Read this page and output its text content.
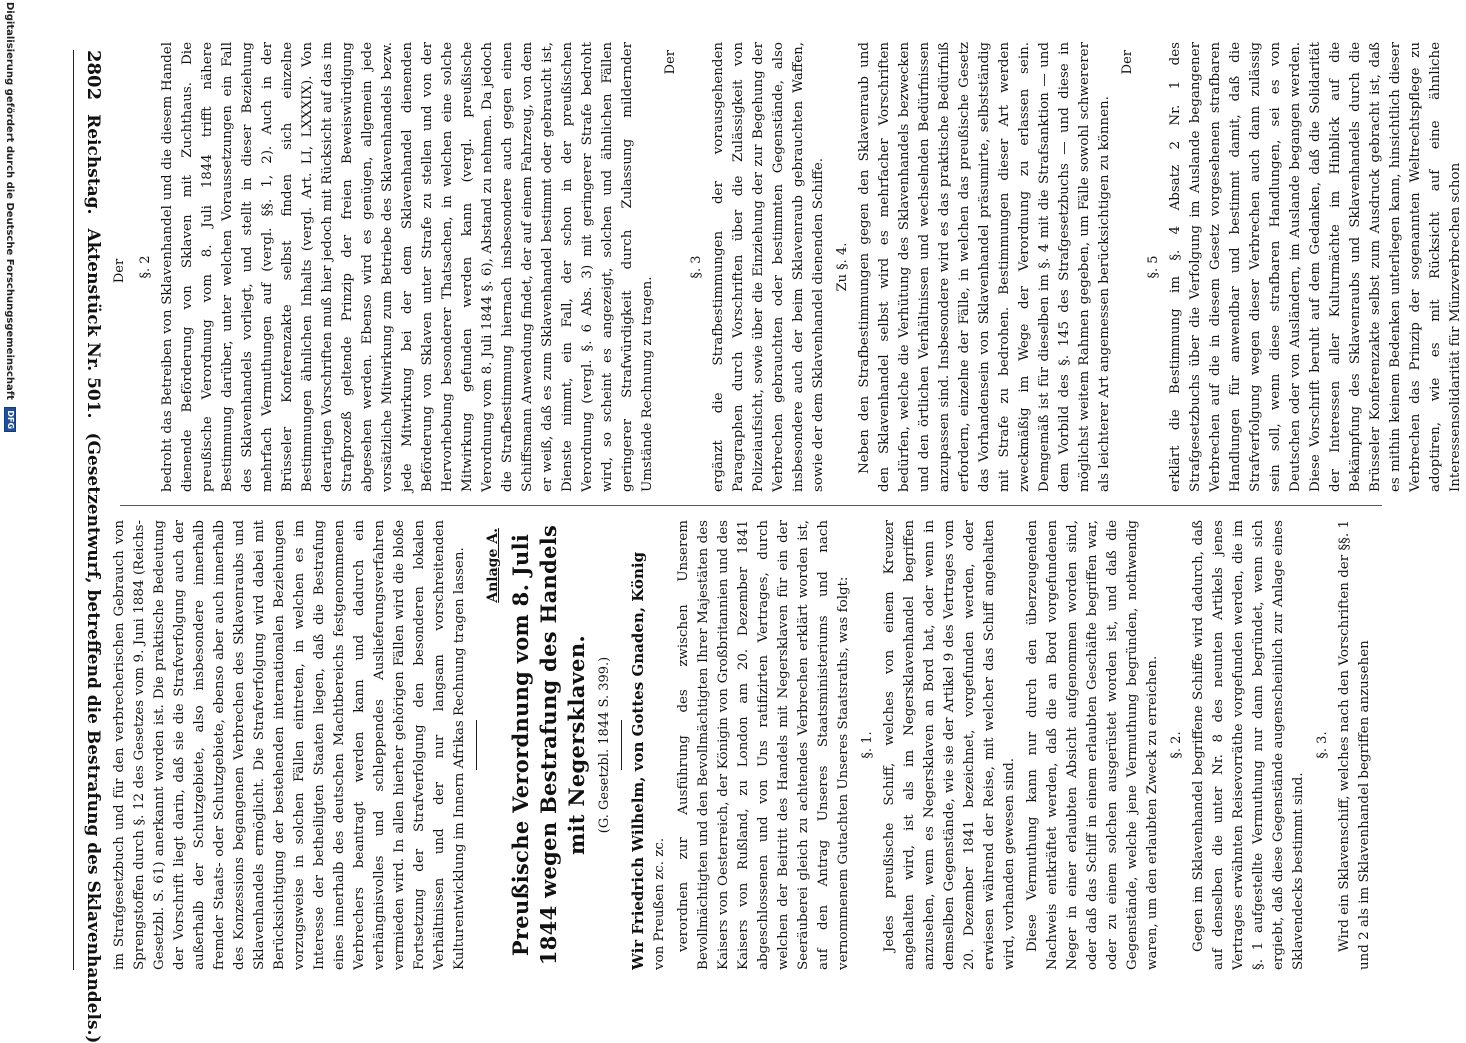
2802
Reichstag.
Aktenstück Nr. 501.
(Gesetzentwurf, betreffend die Bestrafung des Sklavenhandels.) im Strafgesetzbuch und für den verbrecherischen Gebrauch von Sprengstoffen durch §. 12 des Gesetzes vom 9. Juni 1884 (Reichs-Gesetzbl. S. 61) anerkannt worden ist. Die praktische Bedeutung der Vorschrift liegt darin, daß sie die Strafverfolgung auch der außerhalb der Schutzgebiete, also insbesondere innerhalb fremder Staats- oder Schutzgebiete, ebenso aber auch innerhalb des Konzessions begangenen Verbrechen des Sklavenraubs und Sklavenhandels ermöglicht. Die Strafverfolgung wird dabei mit Berücksichtigung der bestehenden internationalen Beziehungen vorzugsweise in solchen Fällen eintreten, in welchen es im Interesse der betheiligten Staaten liegen, daß die Bestrafung eines innerhalb des deutschen Machtbereichs festgenommenen Verbrechers beantragt werden kann und dadurch ein verhängnisvolles und schleppendes Auslieferungsverfahren vermieden wird. In allen hierher gehörigen Fällen wird die bloße Fortsetzung der Strafverfolgung den besonderen lokalen Verhältnissen und der nur langsam vorschreitenden Kulturentwicklung im Innern Afrikas Rechnung tragen lassen. Anlage A. Preußische Verordnung vom 8. Juli 1844 wegen Bestrafung des Handels mit Negersklaven. (G. Gesetzbl. 1844 S. 399.) Wir Friedrich Wilhelm, von Gottes Gnaden, König von Preußen zc. zc. verordnen zur Ausführung des zwischen Unserem Bevollmächtigten und den Bevollmächtigten Ihrer Majestäten des Kaisers von Oesterreich, der Königin von Großbritannien und des Kaisers von Rußland, zu London am 20. Dezember 1841 abgeschlossenen und von Uns ratifizirten Vertrages, durch welchen der Beitritt des Handels mit Negersklaven für ein der Seeräuberei gleich zu achtendes Verbrechen erklärt worden ist, auf den Antrag Unseres Staatsministeriums und nach vernommenem Gutachten Unseres Staatsraths, was folgt: §. 1. Jedes preußische Schiff, welches von einem Kreuzer angehalten wird, ist als im Negersklavenhandel begriffen anzusehen, wenn es Negersklaven an Bord hat, oder wenn in demselben Gegenstände, wie sie der Artikel 9 des Vertrages vom 20. Dezember 1841 bezeichnet, vorgefunden werden, oder erwiesen während der Reise, mit welcher das Schiff angehalten wird, vorhanden gewesen sind. Diese Vermuthung kann nur durch den überzeugenden Nachweis entkräftet werden, daß die an Bord vorgefundenen Neger in einer erlaubten Absicht aufgenommen worden sind, oder daß das Schiff in einem erlaubten Geschäfte begriffen war, oder zu einem solchen ausgerüstet worden ist, und daß die Gegenstände, welche jene Vermuthung begründen, nothwendig waren, um den erlaubten Zweck zu erreichen. §. 2. Gegen im Sklavenhandel begriffene Schiffe wird dadurch, daß auf denselben die unter Nr. 8 des neunten Artikels jenes Vertrages erwähnten Reisevorräthe vorgefunden werden, die im §. 1 aufgestellte Vermuthung nur dann begründet, wenn sich ergiebt, daß diese Gegenstände augenscheinlich zur Anlage eines Sklavendecks bestimmt sind.

§. 3. Wird ein Sklavenschiff, welches nach den Vorschriften der §§. 1 und 2 als im Sklavenhandel begriffen anzusehen

Der §. 2 bedroht das Betreiben von Sklavenhandel und die diesem Handel dienende Beförderung von Sklaven mit Zuchthaus. Die preußische Verordnung vom 8. Juli 1844 trifft nähere Bestimmung darüber, unter welchen Voraussetzungen ein Fall des Sklavenhandels vorliegt, und stellt in dieser Beziehung mehrfach Vermuthungen auf (vergl. §§. 1, 2). Auch in der Brüsseler Konferenzakte selbst finden sich einzelne Bestimmungen ähnlichen Inhalts (vergl. Art. LI, LXXXIX). Von derartigen Vorschriften muß hier jedoch mit Rücksicht auf das im Strafprozeß geltende Prinzip der freien Beweiswürdigung abgesehen werden. Ebenso wird es genügen, allgemein jede vorsätzliche Mitwirkung zum Betriebe des Sklavenhandels bezw. jede Mitwirkung bei der dem Sklavenhandel dienenden Beförderung von Sklaven unter Strafe zu stellen und von der Hervorhebung besonderer Thatsachen, in welchen eine solche Mitwirkung gefunden werden kann (vergl. preußische Verordnung vom 8. Juli 1844 §. 6), Abstand zu nehmen. Da jedoch die Strafbestimmung hiernach insbesondere auch gegen einen Schiffsmann Anwendung findet, der auf einem Fahrzeug, von dem er weiß, daß es zum Sklavenhandel bestimmt oder gebraucht ist, Dienste nimmt, ein Fall, der schon in der preußischen Verordnung (vergl. §. 6 Abs. 3) mit geringerer Strafe bedroht wird, so scheint es angezeigt, solchen und ähnlichen Fällen geringerer Strafwürdigkeit durch Zulassung mildernder Umstände Rechnung zu tragen.

Der
§. 3 ergänzt die Strafbestimmungen der vorausgehenden Paragraphen durch Vorschriften über die Zulässigkeit von Polizeiaufsicht, sowie über die Einziehung der zur Begehung der Verbrechen gebrauchten oder bestimmten Gegenstände, also insbesondere auch der beim Sklavenraub gebrauchten Waffen, sowie der dem Sklavenhandel dienenden Schiffe. Zu §. 4. Neben den Strafbestimmungen gegen den Sklavenraub und den Sklavenhandel selbst wird es mehrfacher Vorschriften bedürfen, welche die Verhütung des Sklavenhandels bezwecken und den örtlichen Verhältnissen und wechselnden Bedürfnissen anzupassen sind. Insbesondere wird es das praktische Bedürfniß erfordern, einzelne der Fälle, in welchen das preußische Gesetz das Vorhandensein von Sklavenhandel präsumirte, selbstständig mit Strafe zu bedrohen. Bestimmungen dieser Art werden zweckmäßig im Wege der Verordnung zu erlassen sein. Demgemäß ist für dieselben im §. 4 mit die Strafsanktion — und dem Vorbild des §. 145 des Strafgesetzbuchs — und diese in möglichst weitem Rahmen gegeben, um Fälle sowohl schwererer als leichterer Art angemessen berücksichtigen zu können.

Der
§. 5 erklärt die Bestimmung im §. 4 Absatz 2 Nr. 1 des Strafgesetzbuchs über die Verfolgung im Auslande begangener Verbrechen auf die in diesem Gesetz vorgesehenen strafbaren Handlungen für anwendbar und bestimmt damit, daß die Strafverfolgung wegen dieser Verbrechen auch dann zulässig sein soll, wenn diese strafbaren Handlungen, sei es von Deutschen oder von Ausländern, im Auslande begangen werden. Diese Vorschrift beruht auf dem Gedanken, daß die Solidarität der Interessen aller Kulturmächte im Hinblick auf die Bekämpfung des Sklavenraubs und Sklavenhandels durch die Brüsseler Konferenzakte selbst zum Ausdruck gebracht ist, daß es mithin keinem Bedenken unterliegen kann, hinsichtlich dieser Verbrechen das Prinzip der sogenannten Weltrechtspflege zu adoptiren, wie es mit Rücksicht auf eine ähnliche Interessensolidarität für Münzverbrechen schon

Digitalisierung gefördert durch die Deutsche Forschungsgemeinschaft DFG
